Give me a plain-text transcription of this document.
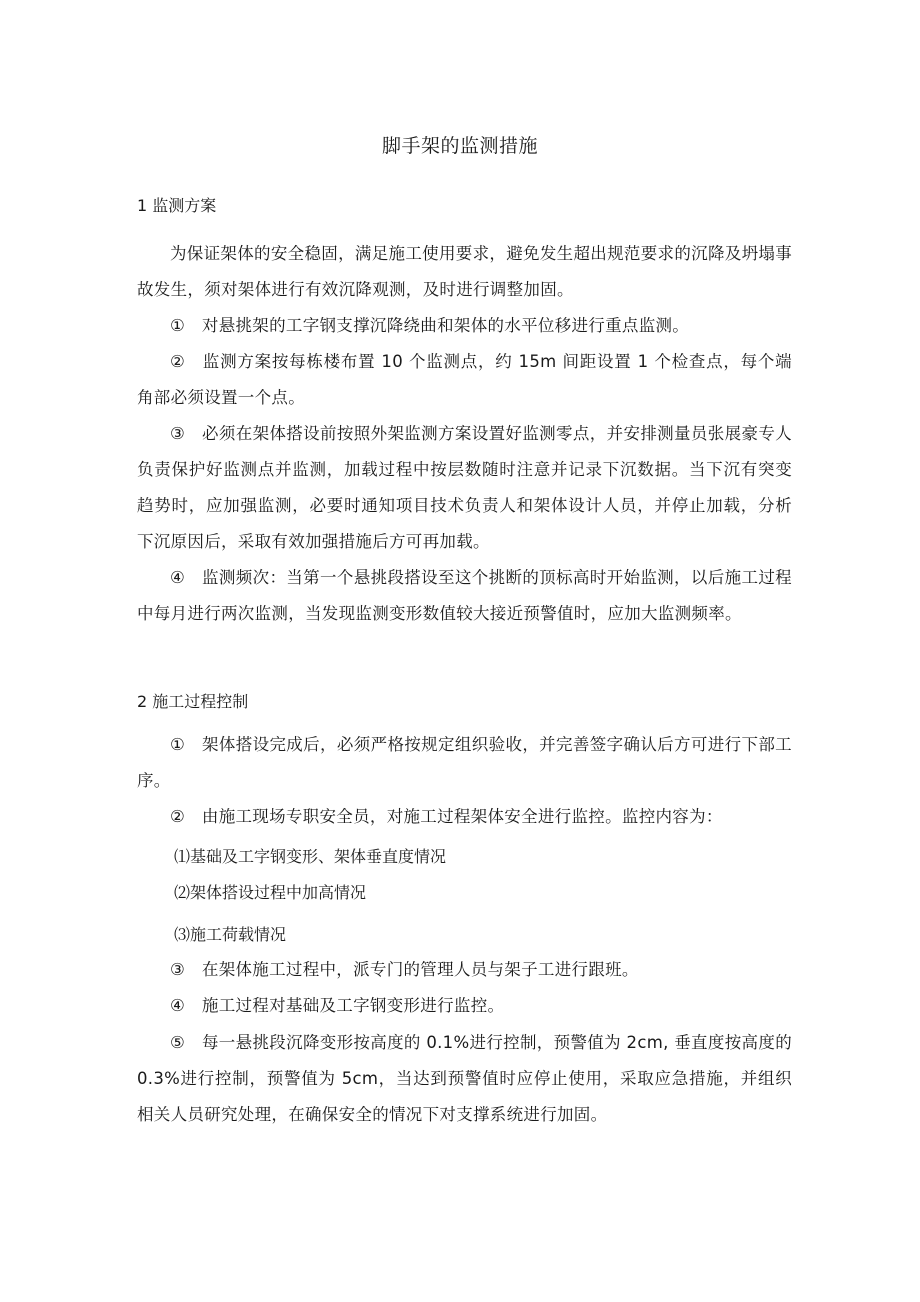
脚手架的监测措施
1 监测方案

为保证架体的安全稳固，满足施工使用要求，避免发生超出规范要求的沉降及坍塌事故发生，须对架体进行有效沉降观测，及时进行调整加固。

①　对悬挑架的工字钢支撑沉降绕曲和架体的水平位移进行重点监测。

②　监测方案按每栋楼布置 10 个监测点，约 15m 间距设置 1 个检查点，每个端角部必须设置一个点。

③　必须在架体搭设前按照外架监测方案设置好监测零点，并安排测量员张展豪专人负责保护好监测点并监测，加载过程中按层数随时注意并记录下沉数据。当下沉有突变趋势时，应加强监测，必要时通知项目技术负责人和架体设计人员，并停止加载，分析下沉原因后，采取有效加强措施后方可再加载。

④　监测频次：当第一个悬挑段搭设至这个挑断的顶标高时开始监测，以后施工过程中每月进行两次监测，当发现监测变形数值较大接近预警值时，应加大监测频率。

2 施工过程控制

①　架体搭设完成后，必须严格按规定组织验收，并完善签字确认后方可进行下部工序。

②　由施工现场专职安全员，对施工过程架体安全进行监控。监控内容为：

⑴基础及工字钢变形、架体垂直度情况
⑵架体搭设过程中加高情况
⑶施工荷载情况

③　在架体施工过程中，派专门的管理人员与架子工进行跟班。

④　施工过程对基础及工字钢变形进行监控。

⑤　每一悬挑段沉降变形按高度的 0.1%进行控制，预警值为 2cm, 垂直度按高度的 0.3%进行控制，预警值为 5cm，当达到预警值时应停止使用，采取应急措施，并组织相关人员研究处理，在确保安全的情况下对支撑系统进行加固。
